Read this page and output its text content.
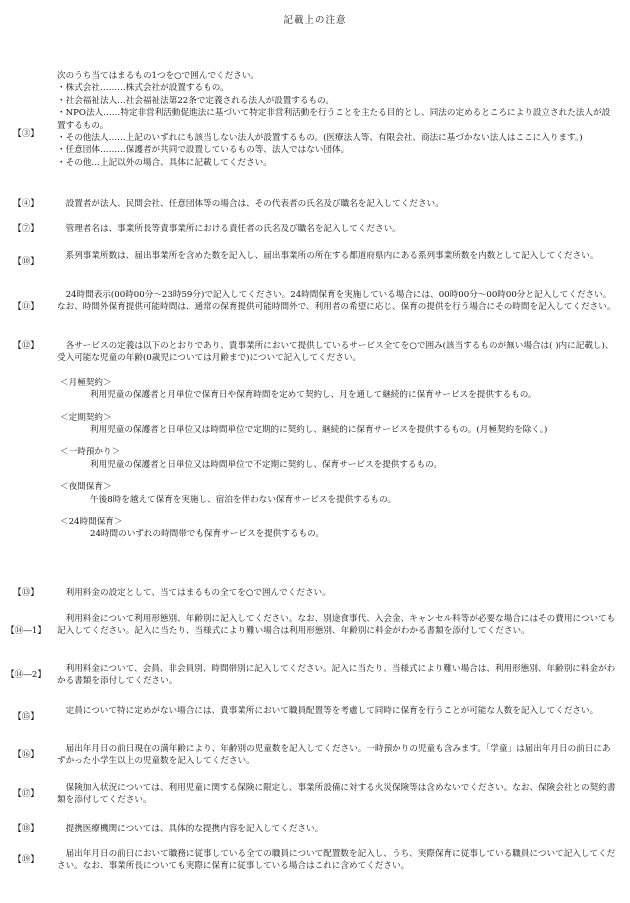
記載上の注意
【③】

次のうち当てはまるもの1つを○で囲んでください。

・株式会社………株式会社が設置するもの。

・社会福祉法人…社会福祉法第22条で定義される法人が設置するもの。

・NPO法人……特定非営利活動促進法に基づいて特定非営利活動を行うことを主たる目的とし、同法の定めるところにより設立された法人が設置するもの。

・その他法人……上記のいずれにも該当しない法人が設置するもの。(医療法人等、有限会社、商法に基づかない法人はここに入ります。)

・任意団体………保護者が共同で設置しているもの等、法人ではない団体。

・その他…上記以外の場合、具体に記載してください。

【④】	設置者が法人、民間会社、任意団体等の場合は、その代表者の氏名及び職名を記入してください。

【⑦】	管理者名は、事業所長等責事業所における責任者の氏名及び職名を記入してください。

【⑩】

系列事業所数は、届出事業所を含めた数を記入し、届出事業所の所在する都道府県内にある系列事業所数を内数として記入してください。

【⑪】

24時間表示(00時00分～23時59分)で記入してください。24時間保育を実施している場合には、00時00分～00時00分と記入してください。なお、時間外保育提供可能時間は、通常の保育提供可能時間外で、利用者の希望に応じ、保育の提供を行う場合にその時間を記入してください。

【⑫】	各サービスの定義は以下のとおりであり、貴事業所において提供しているサービス全てを○で囲み(該当するものが無い場合は( )内に記載し)、受入可能な児童の年齢(0歳児については月齢まで)について記入してください。

＜月極契約＞

利用児童の保護者と月単位で保育日や保育時間を定めて契約し、月を通して継続的に保育サービスを提供するもの。

＜定期契約＞

利用児童の保護者と日単位又は時間単位で定期的に契約し、継続的に保育サービスを提供するもの。(月極契約を除く。)

＜一時預かり＞

利用児童の保護者と日単位又は時間単位で不定期に契約し、保育サービスを提供するもの。

＜夜間保育＞

午後8時を越えて保育を実施し、宿泊を伴わない保育サービスを提供するもの。

＜24時間保育＞

24時間のいずれの時間帯でも保育サービスを提供するもの。

【⑬】	利用料金の設定として、当てはまるもの全てを○で囲んでください。

【⑭―1】

利用料金について利用形態別、年齢別に記入してください。なお、別途食事代、入会金、キャンセル料等が必要な場合にはその費用についても記入してください。記入に当たり、当様式により難い場合は利用形態別、年齢別に料金がわかる書類を添付してください。

【⑭―2】

利用料金について、会員、非会員別、時間帯別に記入してください。記入に当たり、当様式により難い場合は、利用形態別、年齢別に料金がわかる書類を添付してください。

【⑮】

定員について特に定めがない場合には、貴事業所において職員配置等を考慮して同時に保育を行うことが可能な人数を記入してください。

【⑯】

届出年月日の前日現在の満年齢により、年齢別の児童数を記入してください。一時預かりの児童も含みます。「学童」は届出年月日の前日にあずかった小学生以上の児童数を記入してください。

【⑰】

保険加入状況については、利用児童に関する保険に限定し、事業所設備に対する火災保険等は含めないでください。なお、保険会社との契約書類を添付してください。

【⑱】	提携医療機関については、具体的な提携内容を記入してください。

【⑲】

届出年月日の前日において職務に従事している全ての職員について配置数を記入し、うち、実際保育に従事している職員について記入してください。なお、事業所長についても実際に保育に従事している場合はこれに含めてください。
